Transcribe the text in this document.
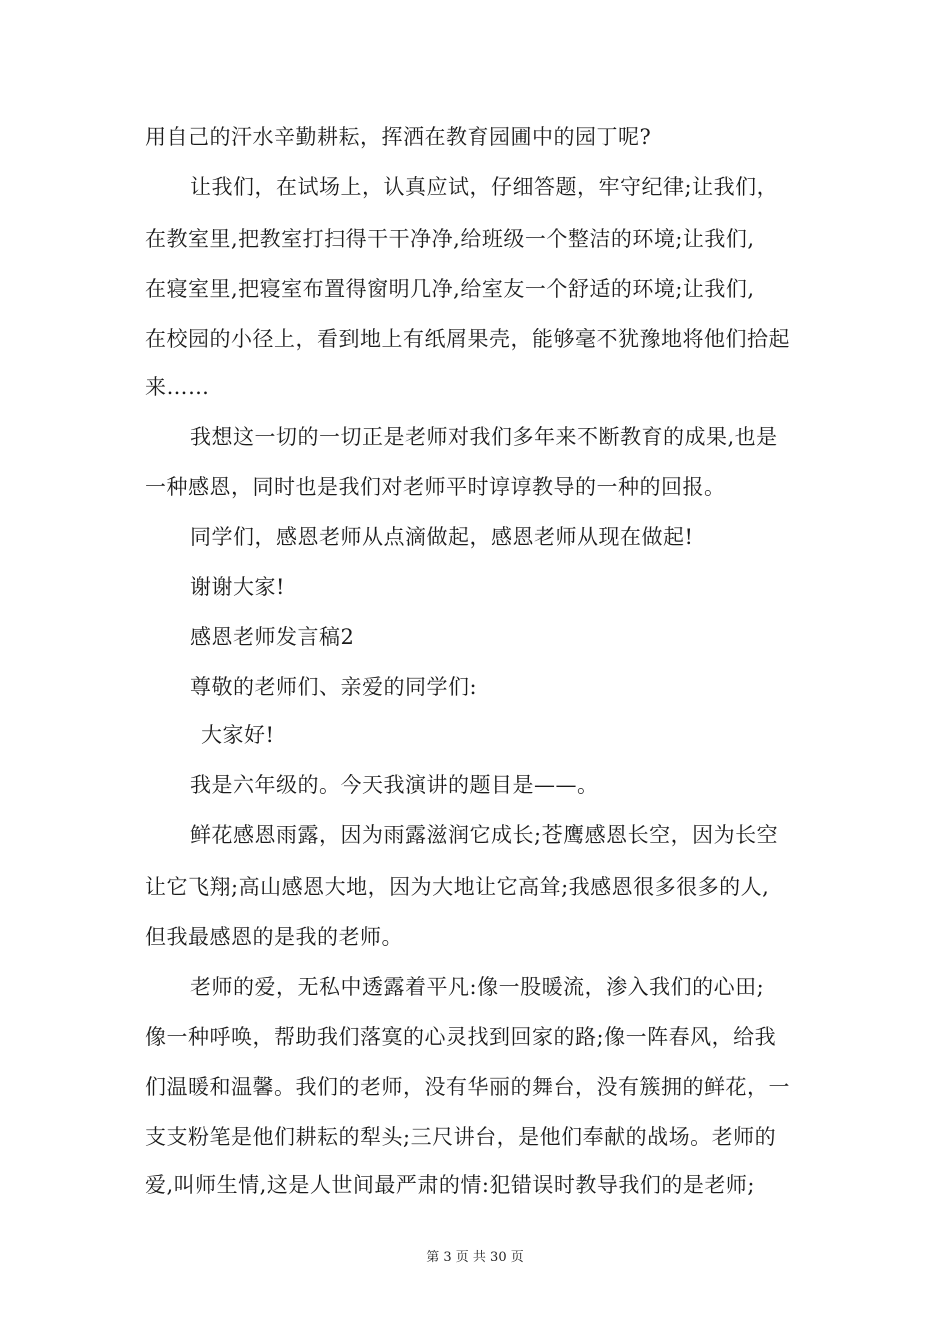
用自己的汗水辛勤耕耘，挥洒在教育园圃中的园丁呢?
让我们，在试场上，认真应试，仔细答题，牢守纪律;让我们，
在教室里,把教室打扫得干干净净,给班级一个整洁的环境;让我们,
在寝室里,把寝室布置得窗明几净,给室友一个舒适的环境;让我们,
在校园的小径上，看到地上有纸屑果壳，能够毫不犹豫地将他们拾起
来……
我想这一切的一切正是老师对我们多年来不断教育的成果,也是
一种感恩，同时也是我们对老师平时谆谆教导的一种的回报。
同学们，感恩老师从点滴做起，感恩老师从现在做起!
谢谢大家!
感恩老师发言稿2
尊敬的老师们、亲爱的同学们:
大家好!
我是六年级的。今天我演讲的题目是——。
鲜花感恩雨露，因为雨露滋润它成长;苍鹰感恩长空，因为长空
让它飞翔;高山感恩大地，因为大地让它高耸;我感恩很多很多的人,
但我最感恩的是我的老师。
老师的爱，无私中透露着平凡:像一股暖流，渗入我们的心田;
像一种呼唤，帮助我们落寞的心灵找到回家的路;像一阵春风，给我
们温暖和温馨。我们的老师，没有华丽的舞台，没有簇拥的鲜花，一
支支粉笔是他们耕耘的犁头;三尺讲台，是他们奉献的战场。老师的
爱,叫师生情,这是人世间最严肃的情:犯错误时教导我们的是老师;
第 3 页 共 30 页
